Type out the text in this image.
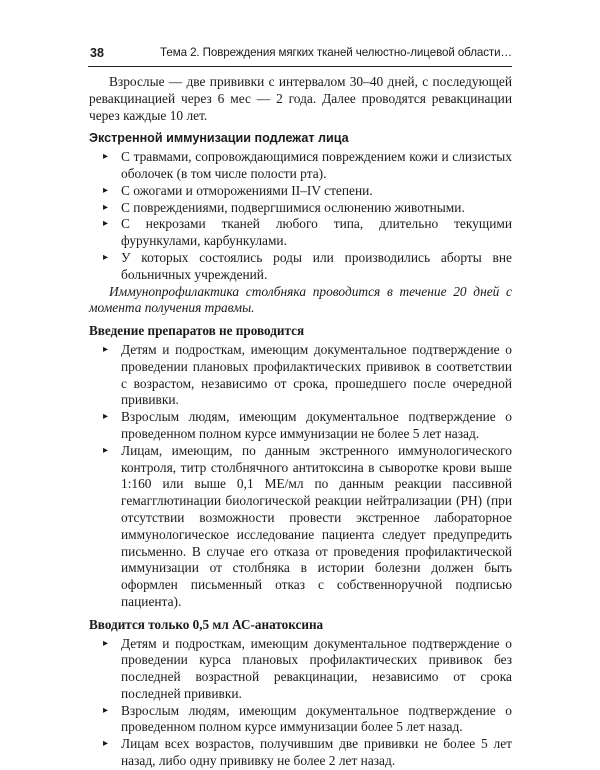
38	Тема 2. Повреждения мягких тканей челюстно-лицевой области…

Взрослые — две прививки с интервалом 30–40 дней, с последующей ревакцинацией через 6 мес — 2 года. Далее проводятся ревакцинации через каждые 10 лет.

Экстренной иммунизации подлежат лица
▸ С травмами, сопровождающимися повреждением кожи и слизистых оболочек (в том числе полости рта).
▸ С ожогами и отморожениями II–IV степени.
▸ С повреждениями, подвергшимися ослюнению животными.
▸ С некрозами тканей любого типа, длительно текущими фурункулами, карбункулами.
▸ У которых состоялись роды или производились аборты вне больничных учреждений.

Иммунопрофилактика столбняка проводится в течение 20 дней с момента получения травмы.

Введение препаратов не проводится
▸ Детям и подросткам, имеющим документальное подтверждение о проведении плановых профилактических прививок в соответствии с возрастом, независимо от срока, прошедшего после очередной прививки.
▸ Взрослым людям, имеющим документальное подтверждение о проведенном полном курсе иммунизации не более 5 лет назад.
▸ Лицам, имеющим, по данным экстренного иммунологического контроля, титр столбнячного антитоксина в сыворотке крови выше 1:160 или выше 0,1 МЕ/мл по данным реакции пассивной гемагглютинации биологической реакции нейтрализации (РН) (при отсутствии возможности провести экстренное лабораторное иммунологическое исследование пациента следует предупредить письменно. В случае его отказа от проведения профилактической иммунизации от столбняка в истории болезни должен быть оформлен письменный отказ с собственноручной подписью пациента).
Вводится только 0,5 мл АС-анатоксина
▸ Детям и подросткам, имеющим документальное подтверждение о проведении курса плановых профилактических прививок без последней возрастной ревакцинации, независимо от срока последней прививки.
▸ Взрослым людям, имеющим документальное подтверждение о проведенном полном курсе иммунизации более 5 лет назад.
▸ Лицам всех возрастов, получившим две прививки не более 5 лет назад, либо одну прививку не более 2 лет назад.
